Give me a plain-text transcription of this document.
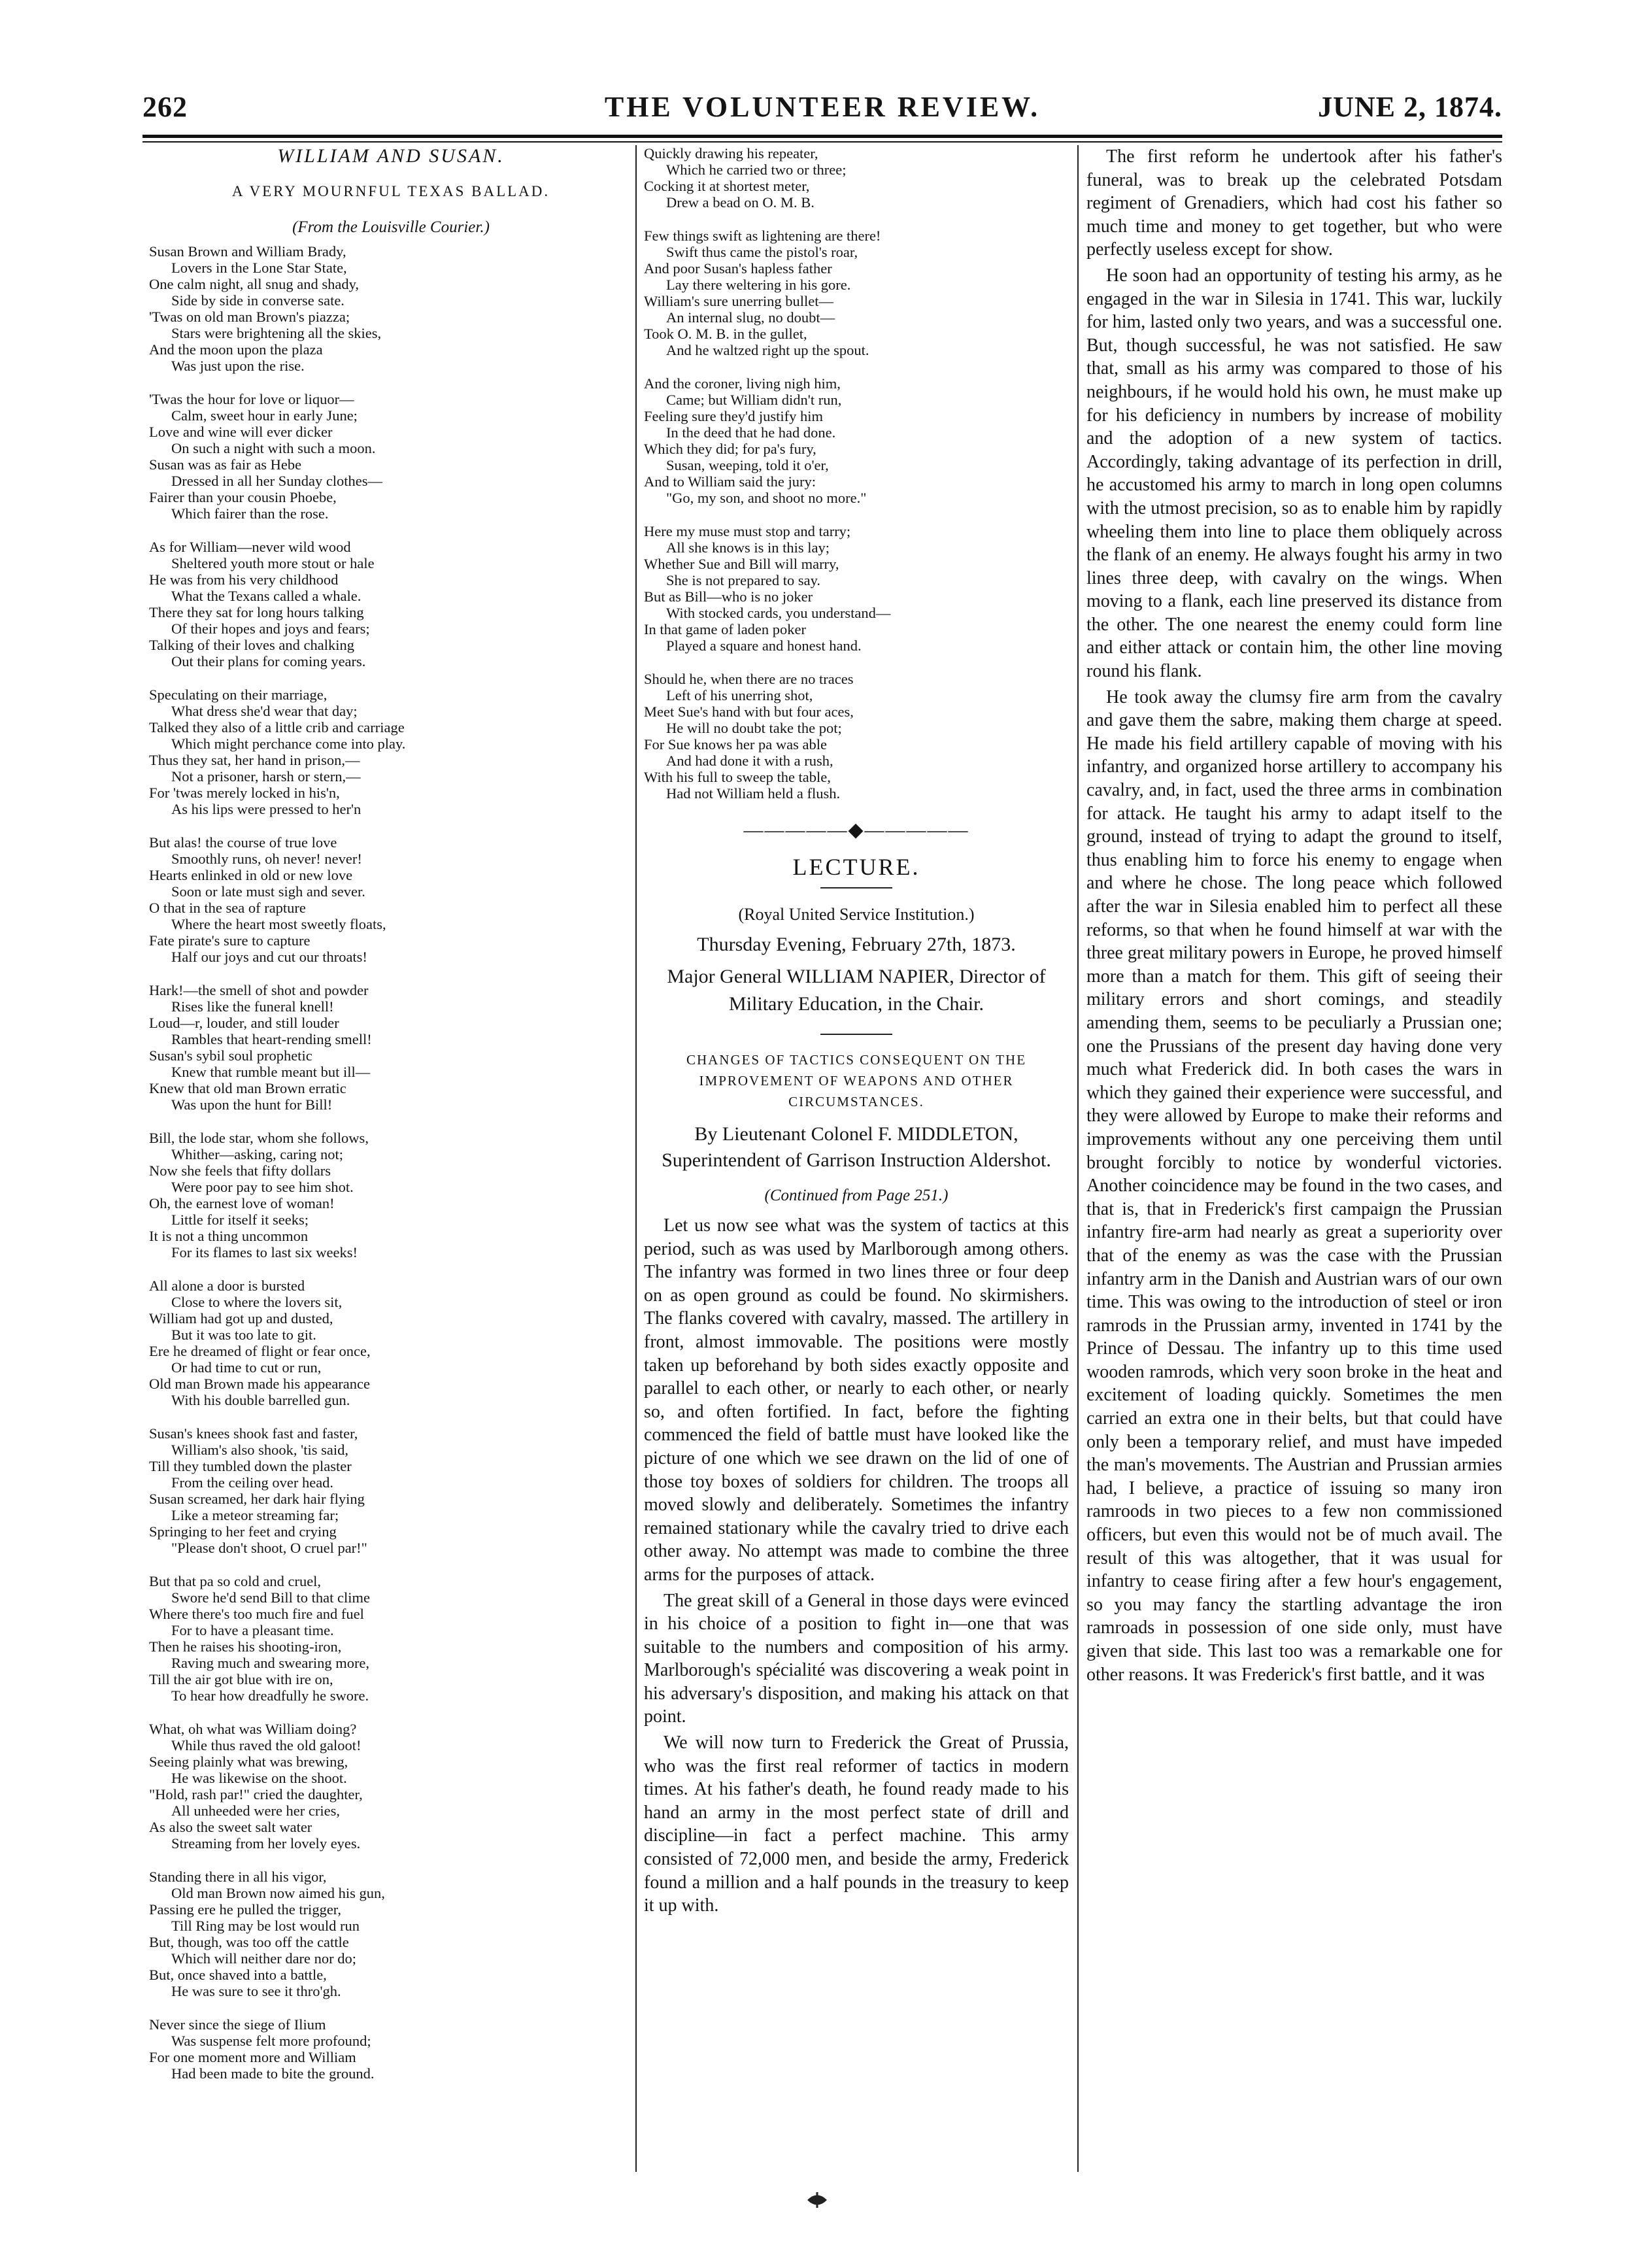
262	THE VOLUNTEER REVIEW.	JUNE 2, 1874.
WILLIAM AND SUSAN.
A VERY MOURNFUL TEXAS BALLAD.
(From the Louisville Courier.)
Susan Brown and William Brady,
Lovers in the Lone Star State,
One calm night, all snug and shady,
Side by side in converse sate.
'Twas on old man Brown's piazza;
Stars were brightening all the skies,
And the moon upon the plaza
Was just upon the rise.
'Twas the hour for love or liquor—
Calm, sweet hour in early June;
Love and wine will ever dicker
On such a night with such a moon.
Susan was as fair as Hebe
Dressed in all her Sunday clothes—
Fairer than your cousin Phoebe,
Which fairer than the rose.
As for William—never wild wood
Sheltered youth more stout or hale
He was from his very childhood
What the Texans called a whale.
There they sat for long hours talking
Of their hopes and joys and fears;
Talking of their loves and chalking
Out their plans for coming years.
Speculating on their marriage,
What dress she'd wear that day;
Talked they also of a little crib and carriage
Which might perchance come into play.
Thus they sat, her hand in prison,—
Not a prisoner, harsh or stern,—
For 'twas merely locked in his'n,
As his lips were pressed to her'n
But alas! the course of true love
Smoothly runs, oh never! never!
Hearts enlinked in old or new love
Soon or late must sigh and sever.
O that in the sea of rapture
Where the heart most sweetly floats,
Fate pirate's sure to capture
Half our joys and cut our throats!
Hark!—the smell of shot and powder
Rises like the funeral knell!
Loud—r, louder, and still louder
Rambles that heart-rending smell!
Susan's sybil soul prophetic
Knew that rumble meant but ill—
Knew that old man Brown erratic
Was upon the hunt for Bill!
Bill, the lode star, whom she follows,
Whither—asking, caring not;
Now she feels that fifty dollars
Were poor pay to see him shot.
Oh, the earnest love of woman!
Little for itself it seeks;
It is not a thing uncommon
For its flames to last six weeks!
All alone a door is bursted
Close to where the lovers sit,
William had got up and dusted,
But it was too late to git.
Ere he dreamed of flight or fear once,
Or had time to cut or run,
Old man Brown made his appearance
With his double barrelled gun.
Susan's knees shook fast and faster,
William's also shook, 'tis said,
Till they tumbled down the plaster
From the ceiling over head.
Susan screamed, her dark hair flying
Like a meteor streaming far;
Springing to her feet and crying
"Please don't shoot, O cruel par!"
But that pa so cold and cruel,
Swore he'd send Bill to that clime
Where there's too much fire and fuel
For to have a pleasant time.
Then he raises his shooting-iron,
Raving much and swearing more,
Till the air got blue with ire on,
To hear how dreadfully he swore.
What, oh what was William doing?
While thus raved the old galoot!
Seeing plainly what was brewing,
He was likewise on the shoot.
"Hold, rash par!" cried the daughter,
All unheeded were her cries,
As also the sweet salt water
Streaming from her lovely eyes.
Standing there in all his vigor,
Old man Brown now aimed his gun,
Passing ere he pulled the trigger,
Till Ring may be lost would run
But, though, was too off the cattle
Which will neither dare nor do;
But, once shaved into a battle,
He was sure to see it thro'gh.
Never since the siege of Ilium
Was suspense felt more profound;
For one moment more and William
Had been made to bite the ground.
Quickly drawing his repeater,
Which he carried two or three;
Cocking it at shortest meter,
Drew a bead on O. M. B.
Few things swift as lightening are there!
Swift thus came the pistol's roar,
And poor Susan's hapless father
Lay there weltering in his gore.
William's sure unerring bullet—
An internal slug, no doubt—
Took O. M. B. in the gullet,
And he waltzed right up the spout.
And the coroner, living nigh him,
Came; but William didn't run,
Feeling sure they'd justify him
In the deed that he had done.
Which they did; for pa's fury,
Susan, weeping, told it o'er,
And to William said the jury:
"Go, my son, and shoot no more."
Here my muse must stop and tarry;
All she knows is in this lay;
Whether Sue and Bill will marry,
She is not prepared to say.
But as Bill—who is no joker
With stocked cards, you understand—
In that game of laden poker
Played a square and honest hand.
Should he, when there are no traces
Left of his unerring shot,
Meet Sue's hand with but four aces,
He will no doubt take the pot;
For Sue knows her pa was able
And had done it with a rush,
With his full to sweep the table,
Had not William held a flush.
—————◆—————
LECTURE.
(Royal United Service Institution.)
Thursday Evening, February 27th, 1873.
Major General WILLIAM NAPIER, Director of Military Education, in the Chair.
CHANGES OF TACTICS CONSEQUENT ON THE IMPROVEMENT OF WEAPONS AND OTHER CIRCUMSTANCES.
By Lieutenant Colonel F. MIDDLETON, Superintendent of Garrison Instruction Aldershot.
(Continued from Page 251.)

Let us now see what was the system of tactics at this period, such as was used by Marlborough among others. The infantry was formed in two lines three or four deep on as open ground as could be found. No skirmishers. The flanks covered with cavalry, massed. The artillery in front, almost immovable. The positions were mostly taken up beforehand by both sides exactly opposite and parallel to each other, or nearly to each other, or nearly so, and often fortified. In fact, before the fighting commenced the field of battle must have looked like the picture of one which we see drawn on the lid of one of those toy boxes of soldiers for children. The troops all moved slowly and deliberately. Sometimes the infantry remained stationary while the cavalry tried to drive each other away. No attempt was made to combine the three arms for the purposes of attack.

The great skill of a General in those days were evinced in his choice of a position to fight in—one that was suitable to the numbers and composition of his army. Marlborough's spécialité was discovering a weak point in his adversary's disposition, and making his attack on that point.

We will now turn to Frederick the Great of Prussia, who was the first real reformer of tactics in modern times. At his father's death, he found ready made to his hand an army in the most perfect state of drill and discipline—in fact a perfect machine. This army consisted of 72,000 men, and beside the army, Frederick found a million and a half pounds in the treasury to keep it up with.

The first reform he undertook after his father's funeral, was to break up the celebrated Potsdam regiment of Grenadiers, which had cost his father so much time and money to get together, but who were perfectly useless except for show.

He soon had an opportunity of testing his army, as he engaged in the war in Silesia in 1741. This war, luckily for him, lasted only two years, and was a successful one. But, though successful, he was not satisfied. He saw that, small as his army was compared to those of his neighbours, if he would hold his own, he must make up for his deficiency in numbers by increase of mobility and the adoption of a new system of tactics. Accordingly, taking advantage of its perfection in drill, he accustomed his army to march in long open columns with the utmost precision, so as to enable him by rapidly wheeling them into line to place them obliquely across the flank of an enemy. He always fought his army in two lines three deep, with cavalry on the wings. When moving to a flank, each line preserved its distance from the other. The one nearest the enemy could form line and either attack or contain him, the other line moving round his flank.

He took away the clumsy fire arm from the cavalry and gave them the sabre, making them charge at speed. He made his field artillery capable of moving with his infantry, and organized horse artillery to accompany his cavalry, and, in fact, used the three arms in combination for attack. He taught his army to adapt itself to the ground, instead of trying to adapt the ground to itself, thus enabling him to force his enemy to engage when and where he chose. The long peace which followed after the war in Silesia enabled him to perfect all these reforms, so that when he found himself at war with the three great military powers in Europe, he proved himself more than a match for them. This gift of seeing their military errors and short comings, and steadily amending them, seems to be peculiarly a Prussian one; one the Prussians of the present day having done very much what Frederick did. In both cases the wars in which they gained their experience were successful, and they were allowed by Europe to make their reforms and improvements without any one perceiving them until brought forcibly to notice by wonderful victories. Another coincidence may be found in the two cases, and that is, that in Frederick's first campaign the Prussian infantry fire-arm had nearly as great a superiority over that of the enemy as was the case with the Prussian infantry arm in the Danish and Austrian wars of our own time. This was owing to the introduction of steel or iron ramrods in the Prussian army, invented in 1741 by the Prince of Dessau. The infantry up to this time used wooden ramrods, which very soon broke in the heat and excitement of loading quickly. Sometimes the men carried an extra one in their belts, but that could have only been a temporary relief, and must have impeded the man's movements. The Austrian and Prussian armies had, I believe, a practice of issuing so many iron ramroods in two pieces to a few non commissioned officers, but even this would not be of much avail. The result of this was altogether, that it was usual for infantry to cease firing after a few hour's engagement, so you may fancy the startling advantage the iron ramroads in possession of one side only, must have given that side. This last too was a remarkable one for other reasons. It was Frederick's first battle, and it was
